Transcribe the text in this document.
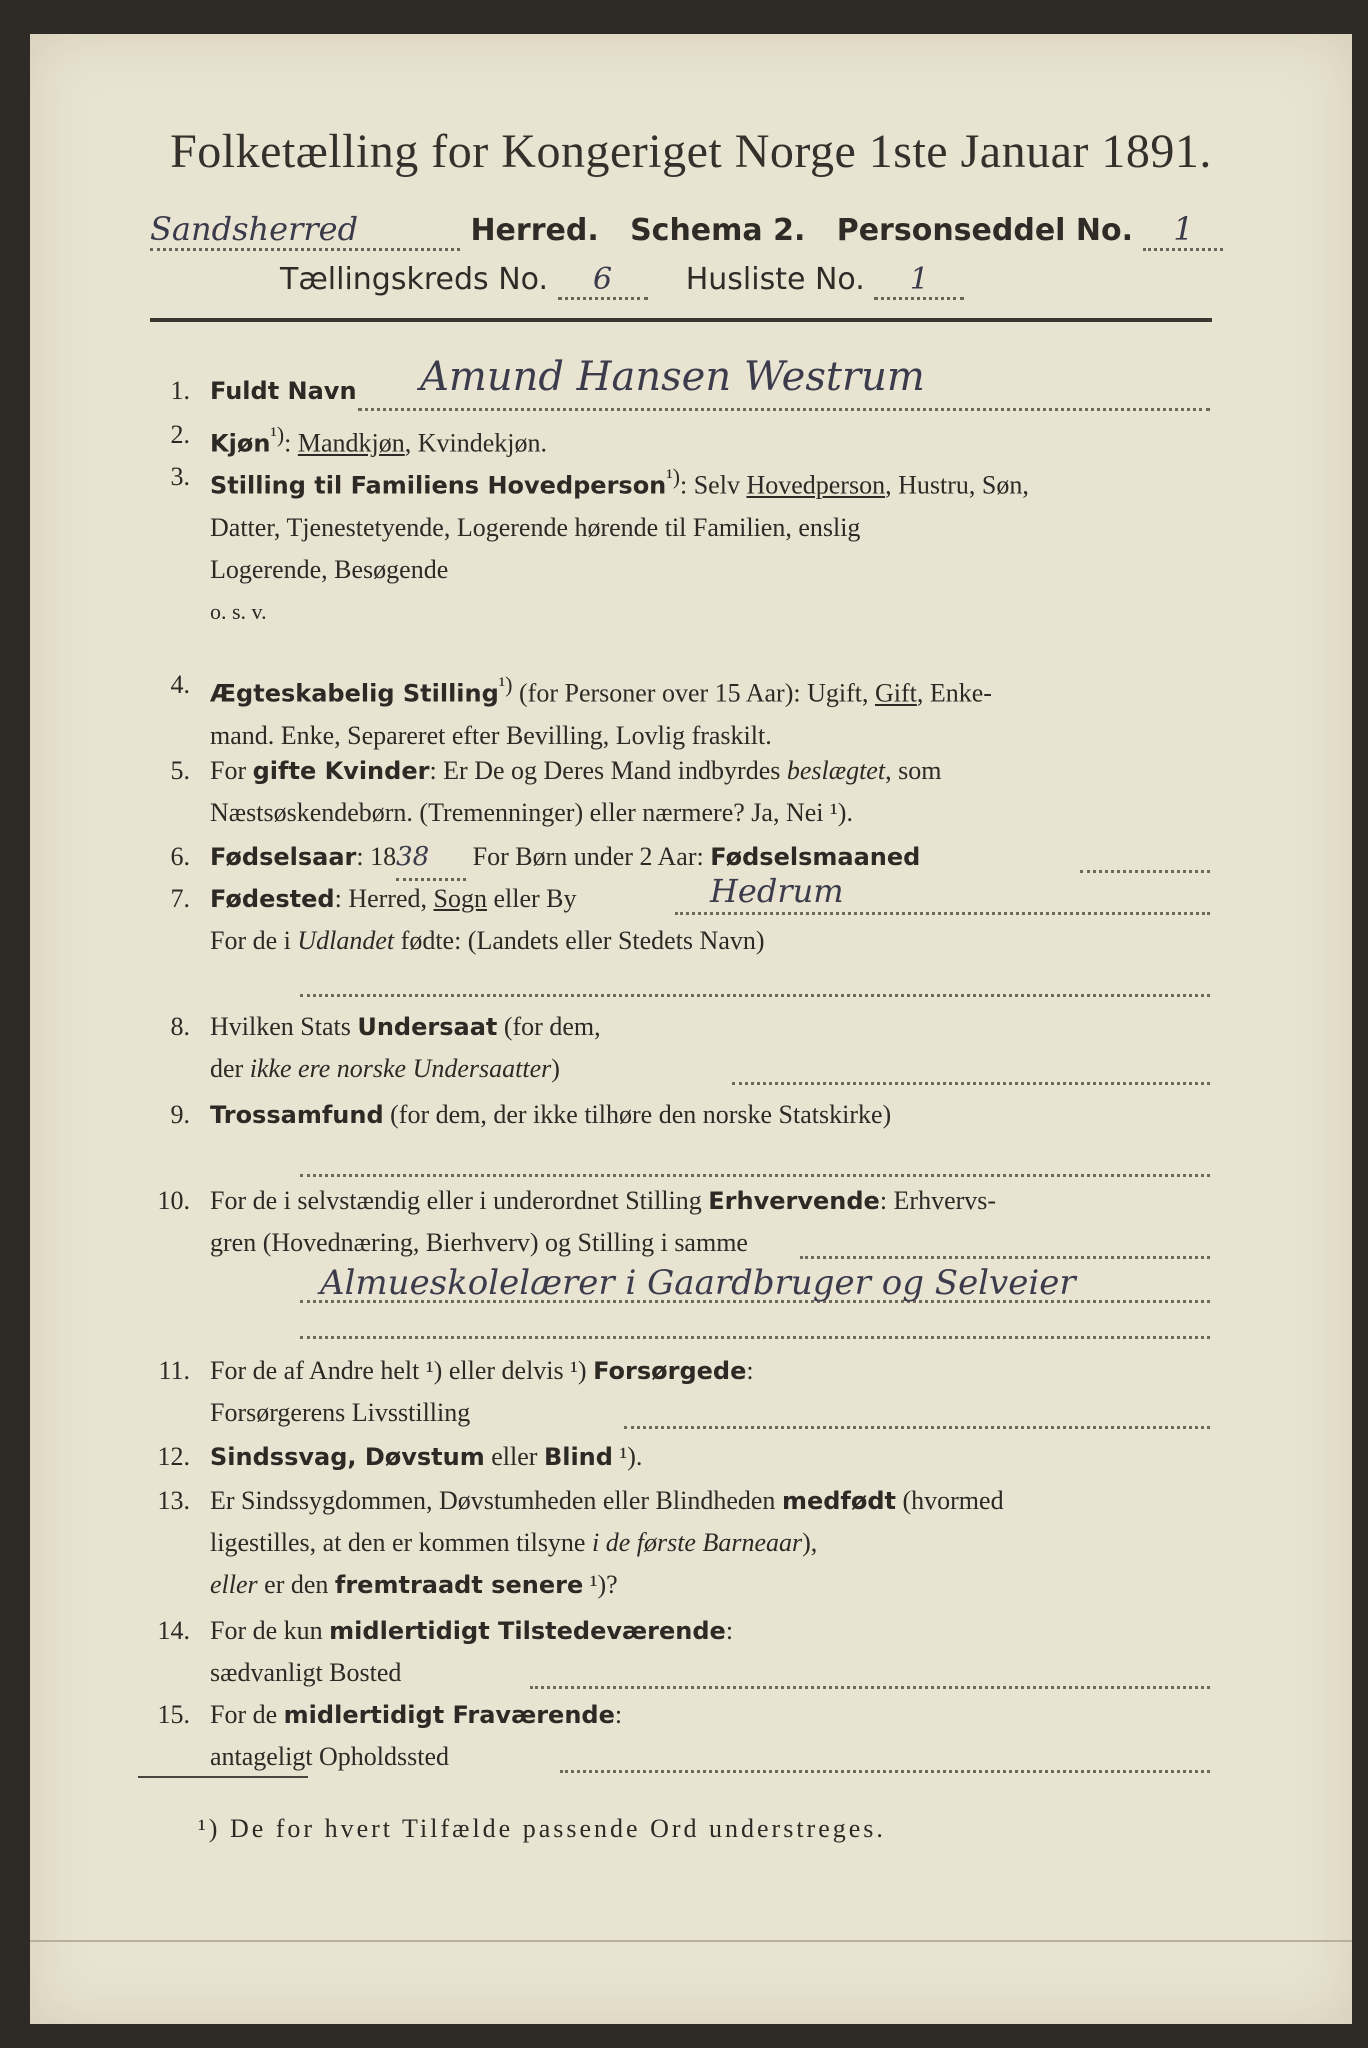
Folketælling for Kongeriget Norge 1ste Januar 1891.
Sandsherred	Herred. Schema 2. Personseddel No. 1
Tællingskreds No. 6 Husliste No. 1
1. Fuldt Navn	Amund Hansen Westrum
2. Kjøn$^{^1)}$: Mandkjøn, Kvindekjøn.
3. Stilling til Familiens Hovedperson$^{^1)}$: Selv Hovedperson, Hustru, Søn,
Datter, Tjenestetyende, Logerende hørende til Familien, enslig
Logerende, Besøgende
o. s. v.
4. Ægteskabelig Stilling$^{^1)}$ (for Personer over 15 Aar): Ugift, Gift, Enke-
mand. Enke, Separeret efter Bevilling, Lovlig fraskilt.
5. For gifte Kvinder: Er De og Deres Mand indbyrdes beslægtet, som
Næstsøskendebørn. (Tremenninger) eller nærmere? Ja, Nei ¹).
6. Fødselsaar: 1838 For Børn under 2 Aar: Fødselsmaaned
7. Fødested: Herred, Sogn eller By
For de i Udlandet fødte: (Landets eller Stedets Navn)
Hedrum
8. Hvilken Stats Undersaat (for dem,
der ikke ere norske Undersaatter)
9. Trossamfund (for dem, der ikke tilhøre den norske Statskirke)
10. For de i selvstændig eller i underordnet Stilling Erhvervende: Erhvervs-
gren (Hovednæring, Bierhverv) og Stilling i samme
Almueskolelærer i Gaardbruger og Selveier
11. For de af Andre helt ¹) eller delvis ¹) Forsørgede:
Forsørgerens Livsstilling
12. Sindssvag, Døvstum eller Blind ¹).
13. Er Sindssygdommen, Døvstumheden eller Blindheden medfødt (hvormed
ligestilles, at den er kommen tilsyne i de første Barneaar),
eller er den fremtraadt senere ¹)?
14. For de kun midlertidigt Tilstedeværende:
sædvanligt Bosted
15. For de midlertidigt Fraværende:
antageligt Opholdssted
¹) De for hvert Tilfælde passende Ord understreges.
